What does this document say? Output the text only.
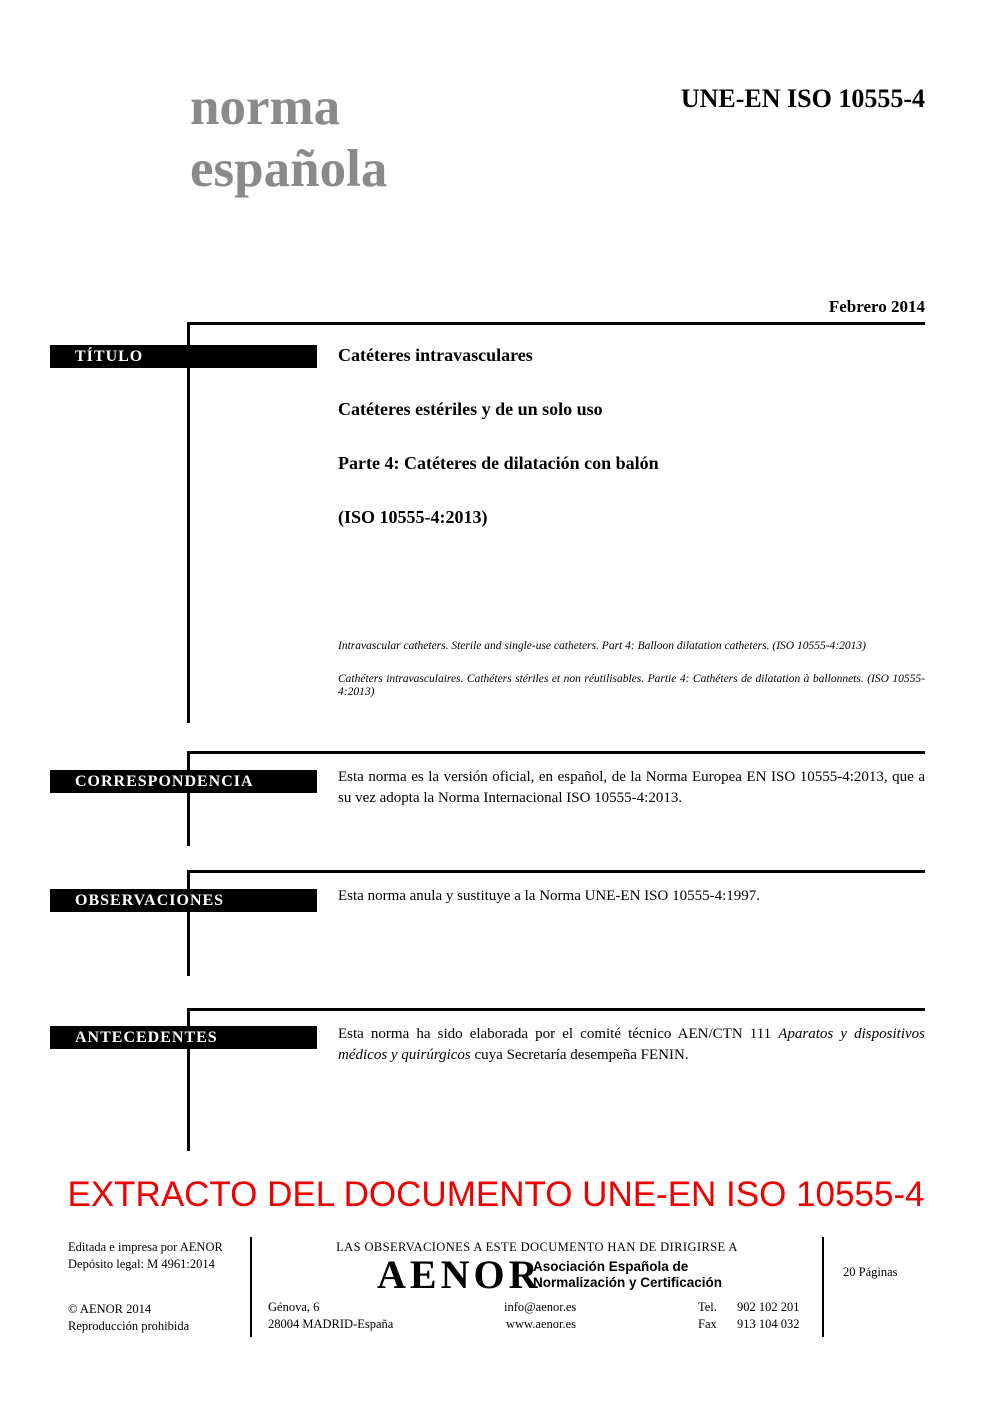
norma
española
UNE-EN ISO 10555-4
Febrero 2014
TÍTULO	Catéteres intravasculares

Catéteres estériles y de un solo uso

Parte 4: Catéteres de dilatación con balón

(ISO 10555-4:2013)

Intravascular catheters. Sterile and single-use catheters. Part 4: Balloon dilatation catheters. (ISO 10555-4:2013)

Cathéters intravasculaires. Cathéters stériles et non réutilisables. Partie 4: Cathéters de dilatation à ballonnets. (ISO 10555-4:2013)

CORRESPONDENCIA	Esta norma es la versión oficial, en español, de la Norma Europea EN ISO 10555-4:2013, que a su vez adopta la Norma Internacional ISO 10555-4:2013.

OBSERVACIONES	Esta norma anula y sustituye a la Norma UNE-EN ISO 10555-4:1997.

ANTECEDENTES	Esta norma ha sido elaborada por el comité técnico AEN/CTN 111 Aparatos y dispositivos médicos y quirúrgicos cuya Secretaría desempeña FENIN.

EXTRACTO DEL DOCUMENTO UNE-EN ISO 10555-4
Editada e impresa por AENOR
Depósito legal: M 4961:2014
© AENOR 2014
Reproducción prohibida
LAS OBSERVACIONES A ESTE DOCUMENTO HAN DE DIRIGIRSE A
AENOR
Asociación Española de
Normalización y Certificación
Génova, 6
28004 MADRID-España
info@aenor.es
www.aenor.es
Tel. 902 102 201
Fax 913 104 032
20 Páginas
